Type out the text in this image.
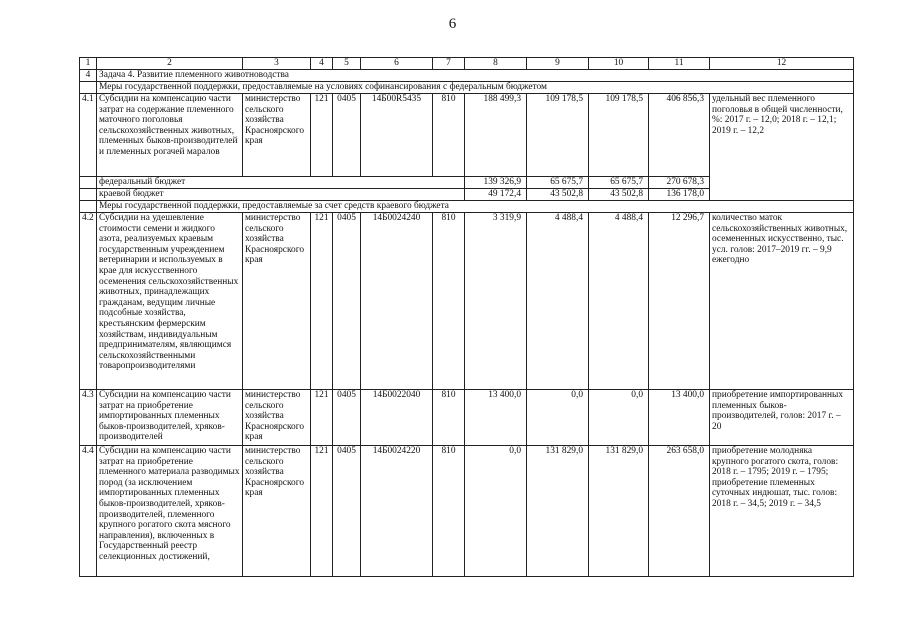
6
1	2	3	4	5	6	7	8	9	10	11	12
4	Задача 4. Развитие племенного животноводства										
	Меры государственной поддержки, предоставляемые на условиях софинансирования с федеральным бюджетом										
4.1	Субсидии на компенсацию части затрат на содержание племенного маточного поголовья сельскохозяйственных животных, племенных быков-производителей и племенных рогачей маралов	министерство сельского хозяйства Красноярского края	121	0405	14Б00R5435	810	188 499,3	109 178,5	109 178,5	406 856,3	удельный вес племенного поголовья в общей численности, %: 2017 г. – 12,0; 2018 г. – 12,1; 2019 г. – 12,2
	федеральный бюджет						139 326,9	65 675,7	65 675,7	270 678,3	
	краевой бюджет						49 172,4	43 502,8	43 502,8	136 178,0	
	Меры государственной поддержки, предоставляемые за счет средств краевого бюджета										
4.2	Субсидии на удешевление стоимости семени и жидкого азота, реализуемых краевым государственным учреждением ветеринарии и используемых в крае для искусственного осеменения сельскохозяйственных животных, принадлежащих гражданам, ведущим личные подсобные хозяйства, крестьянским фермерским хозяйствам, индивидуальным предпринимателям, являющимся сельскохозяйственными товаропроизводителями	министерство сельского хозяйства Красноярского края	121	0405	14Б0024240	810	3 319,9	4 488,4	4 488,4	12 296,7	количество маток сельскохозяйственных животных, осемененных искусственно, тыс. усл. голов: 2017–2019 гг. – 9,9 ежегодно
4.3	Субсидии на компенсацию части затрат на приобретение импортированных племенных быков-производителей, хряков-производителей	министерство сельского хозяйства Красноярского края	121	0405	14Б0022040	810	13 400,0	0,0	0,0	13 400,0	приобретение импортированных племенных быков-производителей, голов: 2017 г. – 20
4.4	Субсидии на компенсацию части затрат на приобретение племенного материала разводимых пород (за исключением импортированных племенных быков-производителей, хряков-производителей, племенного крупного рогатого скота мясного направления), включенных в Государственный реестр селекционных достижений,	министерство сельского хозяйства Красноярского края	121	0405	14Б0024220	810	0,0	131 829,0	131 829,0	263 658,0	приобретение молодняка крупного рогатого скота, голов: 2018 г. – 1795; 2019 г. – 1795; приобретение племенных суточных индюшат, тыс. голов: 2018 г. – 34,5; 2019 г. – 34,5
